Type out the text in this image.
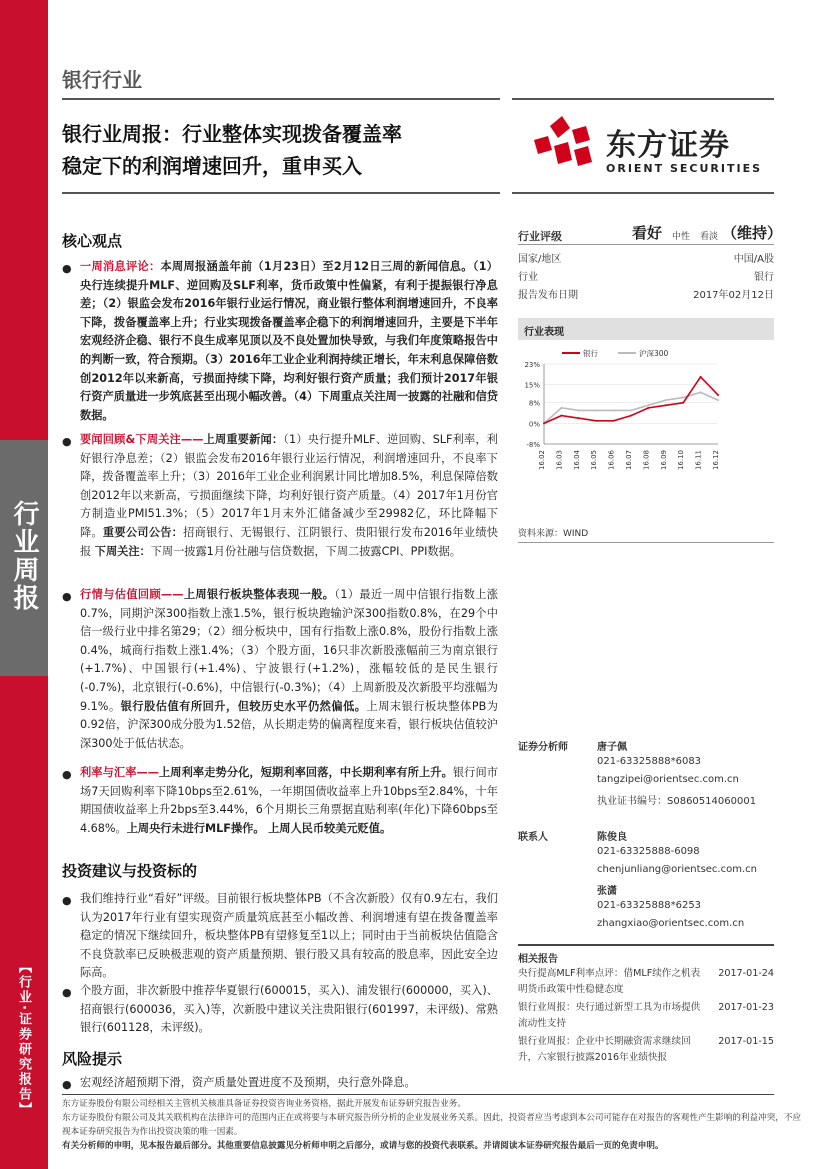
行业周报
【行业·证券研究报告】
银行行业
银行业周报：行业整体实现拨备覆盖率
稳定下的利润增速回升，重申买入
东方证券
ORIENT SECURITIES
核心观点
● 一周消息评论：本周周报涵盖年前（1月23日）至2月12日三周的新闻信息。（1）央行连续提升MLF、逆回购及SLF利率，货币政策中性偏紧，有利于提振银行净息差；（2）银监会发布2016年银行业运行情况，商业银行整体利润增速回升，不良率下降，拨备覆盖率上升；行业实现拨备覆盖率企稳下的利润增速回升，主要是下半年宏观经济企稳、银行不良生成率见顶以及不良处置加快导致，与我们年度策略报告中的判断一致，符合预期。（3）2016年工业企业利润持续正增长，年末利息保障倍数创2012年以来新高，亏损面持续下降，均利好银行资产质量；我们预计2017年银行资产质量进一步筑底甚至出现小幅改善。（4）下周重点关注周一披露的社融和信贷数据。
● 要闻回顾&下周关注——上周重要新闻：（1）央行提升MLF、逆回购、SLF利率，利好银行净息差；（2）银监会发布2016年银行业运行情况，利润增速回升，不良率下降，拨备覆盖率上升；（3）2016年工业企业利润累计同比增加8.5%，利息保障倍数创2012年以来新高，亏损面继续下降，均利好银行资产质量。（4）2017年1月份官方制造业PMI51.3%；（5）2017年1月末外汇储备减少至29982亿，环比降幅下降。重要公司公告：招商银行、无锡银行、江阴银行、贵阳银行发布2016年业绩快报 下周关注：下周一披露1月份社融与信贷数据，下周二披露CPI、PPI数据。
● 行情与估值回顾——上周银行板块整体表现一般。（1）最近一周中信银行指数上涨0.7%，同期沪深300指数上涨1.5%，银行板块跑输沪深300指数0.8%，在29个中信一级行业中排名第29；（2）细分板块中，国有行指数上涨0.8%，股份行指数上涨0.4%，城商行指数上涨1.4%；（3）个股方面，16只非次新股涨幅前三为南京银行(+1.7%)、中国银行(+1.4%)、宁波银行(+1.2%)，涨幅较低的是民生银行(-0.7%)，北京银行(-0.6%)，中信银行(-0.3%)；（4）上周新股及次新股平均涨幅为9.1%。银行股估值有所回升，但较历史水平仍然偏低。上周末银行板块整体PB为0.92倍，沪深300成分股为1.52倍，从长期走势的偏离程度来看，银行板块估值较沪深300处于低估状态。
● 利率与汇率——上周利率走势分化，短期利率回落，中长期利率有所上升。银行间市场7天回购利率下降10bps至2.61%，一年期国债收益率上升10bps至2.84%，十年期国债收益率上升2bps至3.44%，6个月期长三角票据直贴利率(年化)下降60bps至4.68%。上周央行未进行MLF操作。 上周人民币较美元贬值。
投资建议与投资标的
● 我们维持行业“看好”评级。目前银行板块整体PB（不含次新股）仅有0.9左右，我们认为2017年行业有望实现资产质量筑底甚至小幅改善、利润增速有望在拨备覆盖率稳定的情况下继续回升，板块整体PB有望修复至1以上；同时由于当前板块估值隐含不良贷款率已反映极悲观的资产质量预期、银行股又具有较高的股息率，因此安全边际高。
● 个股方面，非次新股中推荐华夏银行(600015，买入)、浦发银行(600000，买入)、招商银行(600036，买入)等，次新股中建议关注贵阳银行(601997，未评级)、常熟银行(601128，未评级)。
风险提示
● 宏观经济超预期下滑，资产质量处置进度不及预期，央行意外降息。
行业评级	看好 中性 看淡 （维持）
国家/地区	中国/A股
行业	银行
报告发布日期	2017年02月12日
行业表现
23%
15%
8%
0%
-8%
16.02 16.03 16.04 16.05 16.06 16.07 16.08 16.09 16.10 16.11 16.12
银行	沪深300
资料来源：WIND
证券分析师	唐子佩
021-63325888*6083
tangzipei@orientsec.com.cn
执业证书编号：S0860514060001
联系人	陈俊良
021-63325888-6098
chenjunliang@orientsec.com.cn
张潇
021-63325888*6253
zhangxiao@orientsec.com.cn
相关报告
央行提高MLF利率点评：借MLF续作之机表明货币政策中性稳健态度
2017-01-24
银行业周报：央行通过新型工具为市场提供流动性支持
2017-01-23
银行业周报：企业中长期融资需求继续回升，六家银行披露2016年业绩快报
2017-01-15
东方证券股份有限公司经相关主管机关核准具备证券投资咨询业务资格，据此开展发布证券研究报告业务。
东方证券股份有限公司及其关联机构在法律许可的范围内正在或将要与本研究报告所分析的企业发展业务关系。因此，投资者应当考虑到本公司可能存在对报告的客观性产生影响的利益冲突，不应视本证券研究报告为作出投资决策的唯一因素。
有关分析师的申明，见本报告最后部分。其他重要信息披露见分析师申明之后部分，或请与您的投资代表联系。并请阅读本证券研究报告最后一页的免责申明。
